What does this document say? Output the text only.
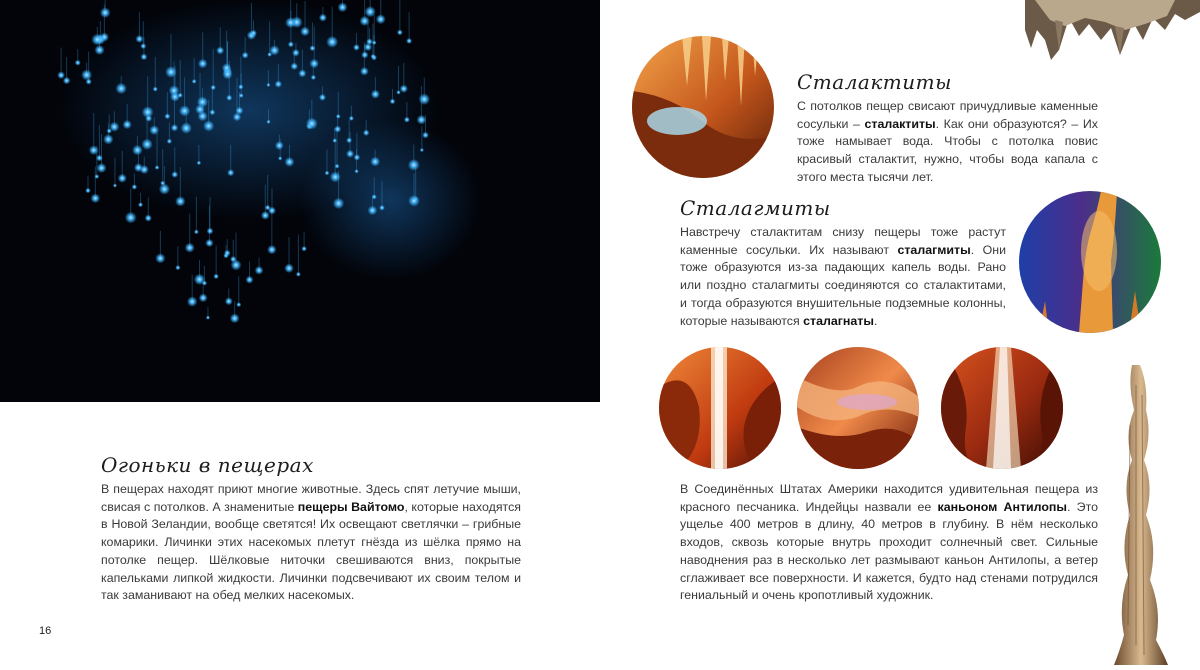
Огоньки в пещерах
В пещерах находят приют многие животные. Здесь спят летучие мыши, свисая с потолков. А знаменитые пещеры Вайтомо, которые находятся в Новой Зеландии, вообще светятся! Их освещают светлячки – грибные комарики. Личинки этих насекомых плетут гнёзда из шёлка прямо на потолке пещер. Шёлковые ниточки свешиваются вниз, покрытые капельками липкой жидкости. Личинки подсвечивают их своим телом и так заманивают на обед мелких насекомых.
16
Сталактиты
С потолков пещер свисают причудливые каменные сосульки – сталактиты. Как они образуются? – Их тоже намывает вода. Чтобы с потолка повис красивый сталактит, нужно, чтобы вода капала с этого места тысячи лет.
Сталагмиты
Навстречу сталактитам снизу пещеры тоже растут каменные сосульки. Их называют сталагмиты. Они тоже образуются из-за падающих капель воды. Рано или поздно сталагмиты соединяются со сталактитами, и тогда образуются внушительные подземные колонны, которые называются сталагнаты.
В Соединённых Штатах Америки находится удивительная пещера из красного песчаника. Индейцы назвали ее каньоном Антилопы. Это ущелье 400 метров в длину, 40 метров в глубину. В нём несколько входов, сквозь которые внутрь проходит солнечный свет. Сильные наводнения раз в несколько лет размывают каньон Антилопы, а ветер сглаживает все поверхности. И кажется, будто над стенами потрудился гениальный и очень кропотливый художник.
